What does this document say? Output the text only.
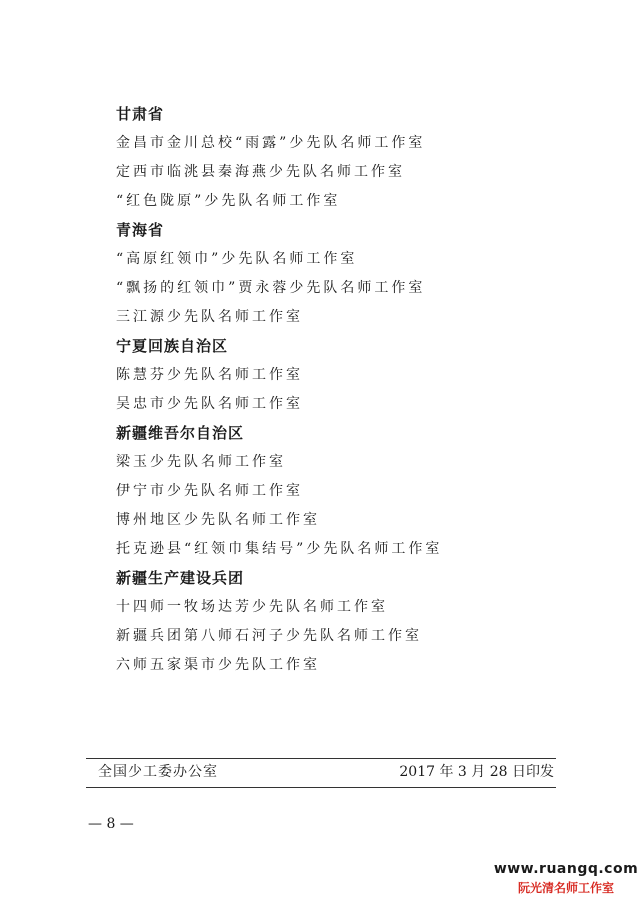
甘肃省
金昌市金川总校“雨露”少先队名师工作室
定西市临洮县秦海燕少先队名师工作室
“红色陇原”少先队名师工作室
青海省
“高原红领巾”少先队名师工作室
“飘扬的红领巾”贾永蓉少先队名师工作室
三江源少先队名师工作室
宁夏回族自治区
陈慧芬少先队名师工作室
吴忠市少先队名师工作室
新疆维吾尔自治区
梁玉少先队名师工作室
伊宁市少先队名师工作室
博州地区少先队名师工作室
托克逊县“红领巾集结号”少先队名师工作室
新疆生产建设兵团
十四师一牧场达芳少先队名师工作室
新疆兵团第八师石河子少先队名师工作室
六师五家渠市少先队工作室
全国少工委办公室	2017 年 3 月 28 日印发
— 8 —
www.ruangq.com
阮光清名师工作室
